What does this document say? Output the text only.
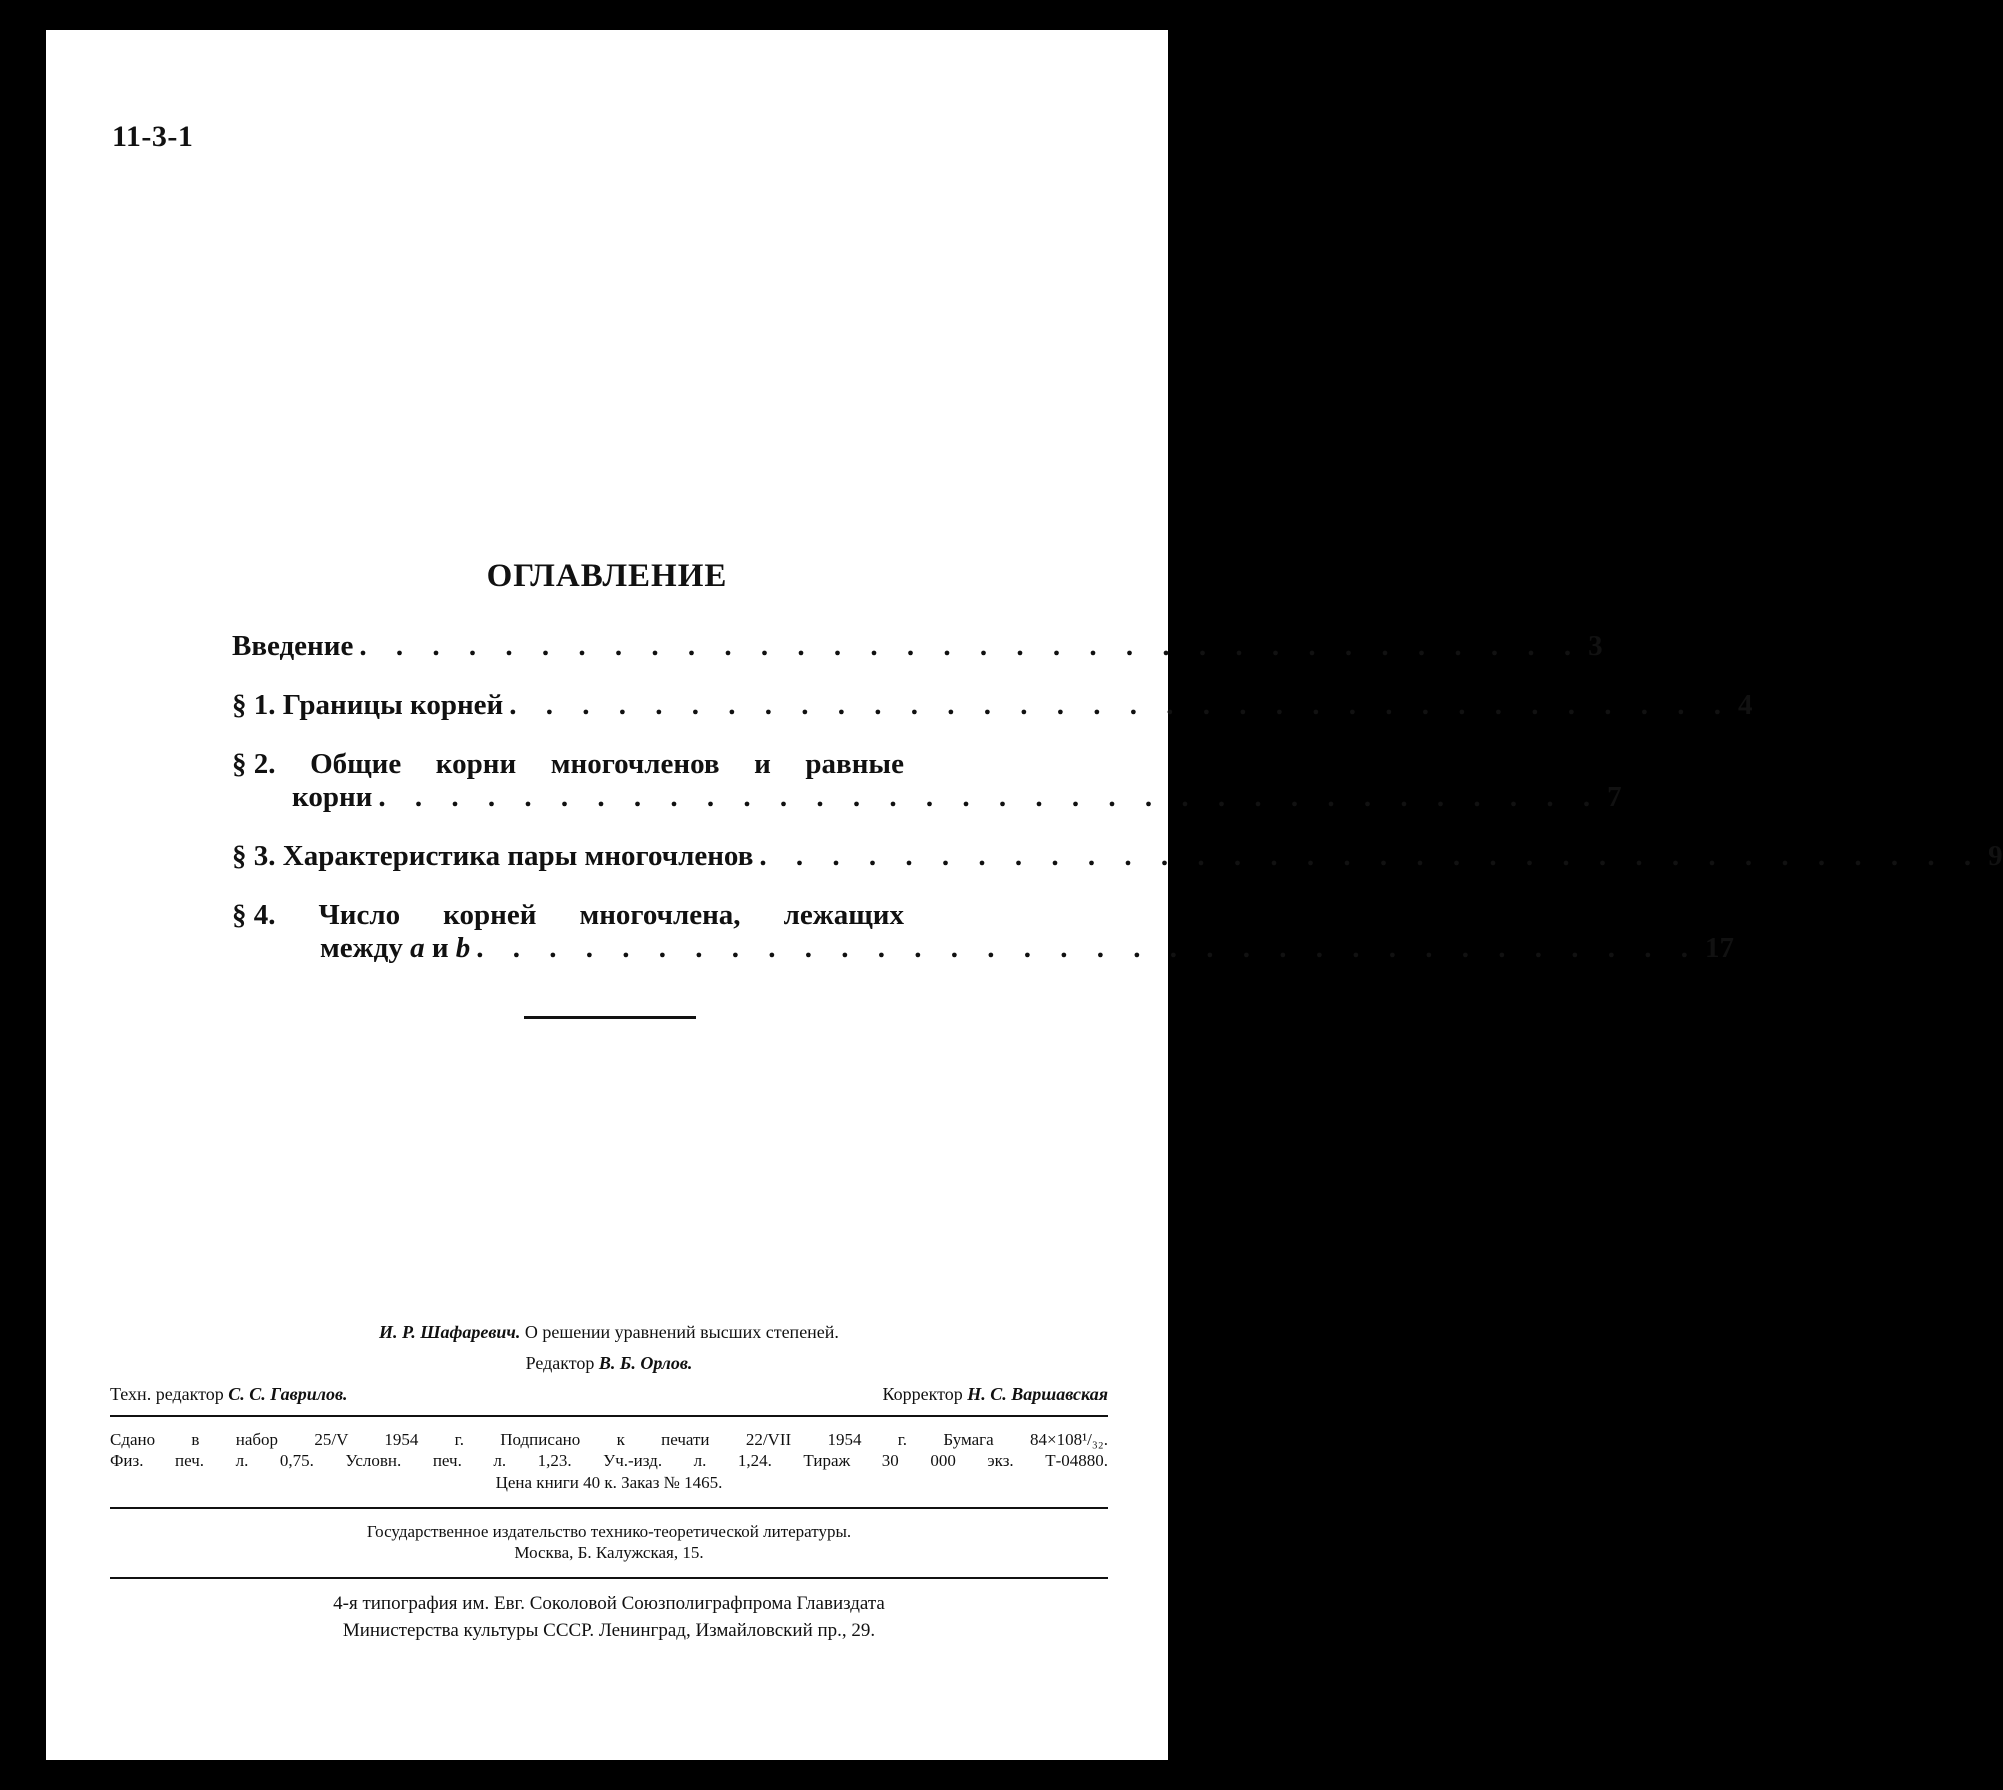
11-3-1
ОГЛАВЛЕНИЕ
Введение . . . . . . . . . . . . . . . . . . . . . . . . . . . . . . . . . . 3
§ 1. Границы корней . . . . . . . . . . . . . . . . . . . . . . . . . . . . . . . . . . 4
§ 2. Общие корни многочленов и равные
корни . . . . . . . . . . . . . . . . . . . . . . . . . . . . . . . . . . 7
§ 3. Характеристика пары многочленов . . . . . . . . . . . . . . . . . . . . . . . . . . . . . . . . . . 9
§ 4. Число корней многочлена, лежащих
между a и b . . . . . . . . . . . . . . . . . . . . . . . . . . . . . . . . . . 17
И. Р. Шафаревич. О решении уравнений высших степеней.
Редактор В. Б. Орлов.
Техн. редактор С. С. Гаврилов.	Корректор Н. С. Варшавская
Сдано в набор 25/V 1954 г. Подписано к печати 22/VII 1954 г. Бумага 84×108¹/₃₂.
Физ. печ. л. 0,75. Условн. печ. л. 1,23. Уч.-изд. л. 1,24. Тираж 30 000 экз. Т-04880.
Цена книги 40 к. Заказ № 1465.
Государственное издательство технико-теоретической литературы.
Москва, Б. Калужская, 15.
4-я типография им. Евг. Соколовой Союзполиграфпрома Главиздата
Министерства культуры СССР. Ленинград, Измайловский пр., 29.
